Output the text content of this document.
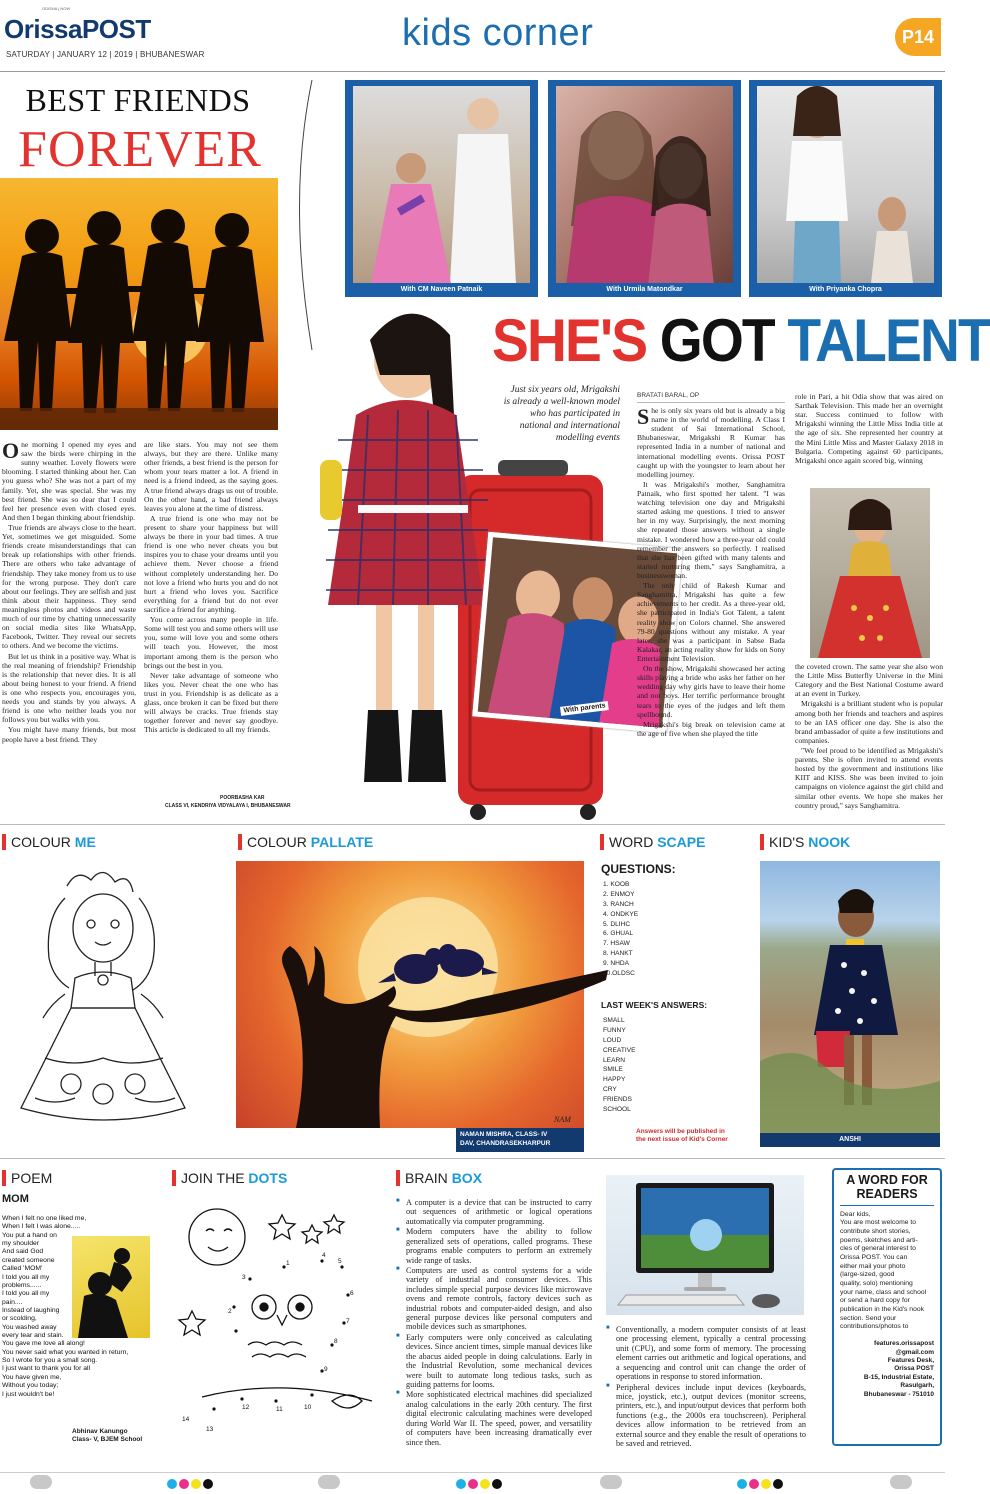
ODISHA | NOW
OrissaPOST
SATURDAY | JANUARY 12 | 2019 | BHUBANESWAR
kids corner	P14
BEST FRIENDS
FOREVER

One morning I opened my eyes and saw the birds were chirping in the sunny weather. Lovely flowers were blooming. I started thinking about her. Can you guess who? She was not a part of my family. Yet, she was special. She was my best friend. She was so dear that I could feel her presence even with closed eyes. And then I began thinking about friendship.

True friends are always close to the heart. Yet, sometimes we get misguided. Some friends create misunderstandings that can break up relationships with other friends. There are others who take advantage of friendship. They take money from us to use for the wrong purpose. They don't care about our feelings. They are selfish and just think about their happiness. They send meaningless photos and videos and waste much of our time by chatting unnecessarily on social media sites like WhatsApp, Facebook, Twitter. They reveal our secrets to others. And we become the victims.

But let us think in a positive way. What is the real meaning of friendship? Friendship is the relationship that never dies. It is all about being honest to your friend. A friend is one who respects you, encourages you, needs you and stands by you always. A friend is one who neither leads you nor follows you but walks with you.

You might have many friends, but most people have a best friend. They

are like stars. You may not see them always, but they are there. Unlike many other friends, a best friend is the person for whom your tears matter a lot. A friend in need is a friend indeed, as the saying goes. A true friend always drags us out of trouble. On the other hand, a bad friend always leaves you alone at the time of distress.

A true friend is one who may not be present to share your happiness but will always be there in your bad times. A true friend is one who never cheats you but inspires you to chase your dreams until you achieve them. Never choose a friend without completely understanding her. Do not love a friend who hurts you and do not hurt a friend who loves you. Sacrifice everything for a friend but do not ever sacrifice a friend for anything.

You come across many people in life. Some will test you and some others will use you, some will love you and some others will teach you. However, the most important among them is the person who brings out the best in you.

Never take advantage of someone who likes you. Never cheat the one who has trust in you. Friendship is as delicate as a glass, once broken it can be fixed but there will always be cracks. True friends stay together forever and never say goodbye. This article is dedicated to all my friends.

POORBASHA KAR
CLASS VI, KENDRIYA VIDYALAYA I, BHUBANESWAR
With CM Naveen Patnaik	With Urmila Matondkar	With Priyanka Chopra
SHE'S GOT TALENT
With parents
Just six years old, Mrigakshi is already a well-known model who has participated in national and international modelling events
BRATATI BARAL, OP

She is only six years old but is already a big name in the world of modelling. A Class I student of Sai International School, Bhubaneswar, Mrigakshi R Kumar has represented India in a number of national and international modelling events. Orissa POST caught up with the youngster to learn about her modelling journey.

It was Mrigakshi's mother, Sanghamitra Patnaik, who first spotted her talent. "I was watching television one day and Mrigakshi started asking me questions. I tried to answer her in my way. Surprisingly, the next morning she repeated those answers without a single mistake. I wondered how a three-year old could remember the answers so perfectly. I realised that she has been gifted with many talents and started nurturing them," says Sanghamitra, a businesswoman.

The only child of Rakesh Kumar and Sanghamitra, Mrigakshi has quite a few achievements to her credit. As a three-year old, she participated in India's Got Talent, a talent reality show on Colors channel. She answered 79-80 questions without any mistake. A year later, she was a participant in Sabse Bada Kalakar, an acting reality show for kids on Sony Entertainment Television.

On the show, Mrigakshi showcased her acting skills playing a bride who asks her father on her wedding day why girls have to leave their home and not boys. Her terrific performance brought tears to the eyes of the judges and left them spellbound.

Mrigakshi's big break on television came at the age of five when she played the title

role in Pari, a hit Odia show that was aired on Sarthak Television. This made her an overnight star. Success continued to follow with Mrigakshi winning the Little Miss India title at the age of six. She represented her country at the Mini Little Miss and Master Galaxy 2018 in Bulgaria. Competing against 60 participants, Mrigakshi once again scored big, winning

the coveted crown. The same year she also won the Little Miss Butterfly Universe in the Mini Category and the Best National Costume award at an event in Turkey.

Mrigakshi is a brilliant student who is popular among both her friends and teachers and aspires to be an IAS officer one day. She is also the brand ambassador of quite a few institutions and companies.

"We feel proud to be identified as Mrigakshi's parents. She is often invited to attend events hosted by the government and institutions like KIIT and KISS. She was been invited to join campaigns on violence against the girl child and similar other events. We hope she makes her country proud," says Sanghamitra.

COLOUR ME	COLOUR PALLATE
NAM
NAMAN MISHRA, CLASS- IV
DAV, CHANDRASEKHARPUR
WORD SCAPE
QUESTIONS:
1. KOOB
2. ENMOY
3. RANCH
4. ONDKYE
5. DLIHC
6. GHUAL
7. HSAW
8. HANKT
9. NHDA
10.OLDSC
LAST WEEK'S ANSWERS:
SMALL
FUNNY
LOUD
CREATIVE
LEARN
SMILE
HAPPY
CRY
FRIENDS
SCHOOL
Answers will be published in
the next issue of Kid's Corner
KID'S NOOK
ANSHI
POEM
MOM
When I felt no one liked me,
When I felt I was alone.....
You put a hand on
my shoulder
And said God
created someone
Called 'MOM'
I told you all my
problems......
I told you all my
pain....
Instead of laughing
or scolding,
You washed away
every tear and stain.
You gave me love all along!
You never said what you wanted in return,
So I wrote for you a small song.
I just want to thank you for all
You have given me,
Without you today;
I just wouldn't be!
Abhinav Kanungo
Class- V, BJEM School
JOIN THE DOTS
1
2
3
4
5
6
7
8
9
10
11
12
13
14
BRAIN BOX
■ A computer is a device that can be instructed to carry out sequences of arithmetic or logical operations automatically via computer programming.
■ Modern computers have the ability to follow generalized sets of operations, called programs. These programs enable computers to perform an extremely wide range of tasks.
■ Computers are used as control systems for a wide variety of industrial and consumer devices. This includes simple special purpose devices like microwave ovens and remote controls, factory devices such as industrial robots and computer-aided design, and also general purpose devices like personal computers and mobile devices such as smartphones.
■ Early computers were only conceived as calculating devices. Since ancient times, simple manual devices like the abacus aided people in doing calculations. Early in the Industrial Revolution, some mechanical devices were built to automate long tedious tasks, such as guiding patterns for looms.
■ More sophisticated electrical machines did specialized analog calculations in the early 20th century. The first digital electronic calculating machines were developed during World War II. The speed, power, and versatility of computers have been increasing dramatically ever since then.
■ Conventionally, a modern computer consists of at least one processing element, typically a central processing unit (CPU), and some form of memory. The processing element carries out arithmetic and logical operations, and a sequencing and control unit can change the order of operations in response to stored information.
■ Peripheral devices include input devices (keyboards, mice, joystick, etc.), output devices (monitor screens, printers, etc.), and input/output devices that perform both functions (e.g., the 2000s era touchscreen). Peripheral devices allow information to be retrieved from an external source and they enable the result of operations to be saved and retrieved.
A WORD FOR
READERS
Dear kids,
You are most welcome to
contribute short stories,
poems, sketches and arti-
cles of general interest to
Orissa POST. You can
either mail your photo
(large-sized, good
quality, solo) mentioning
your name, class and school
or send a hard copy for
publication in the Kid's nook
section. Send your
contributions/photos to
features.orissapost
@gmail.com
Features Desk,
Orissa POST
B-15, Industrial Estate,
Rasulgarh,
Bhubaneswar - 751010
